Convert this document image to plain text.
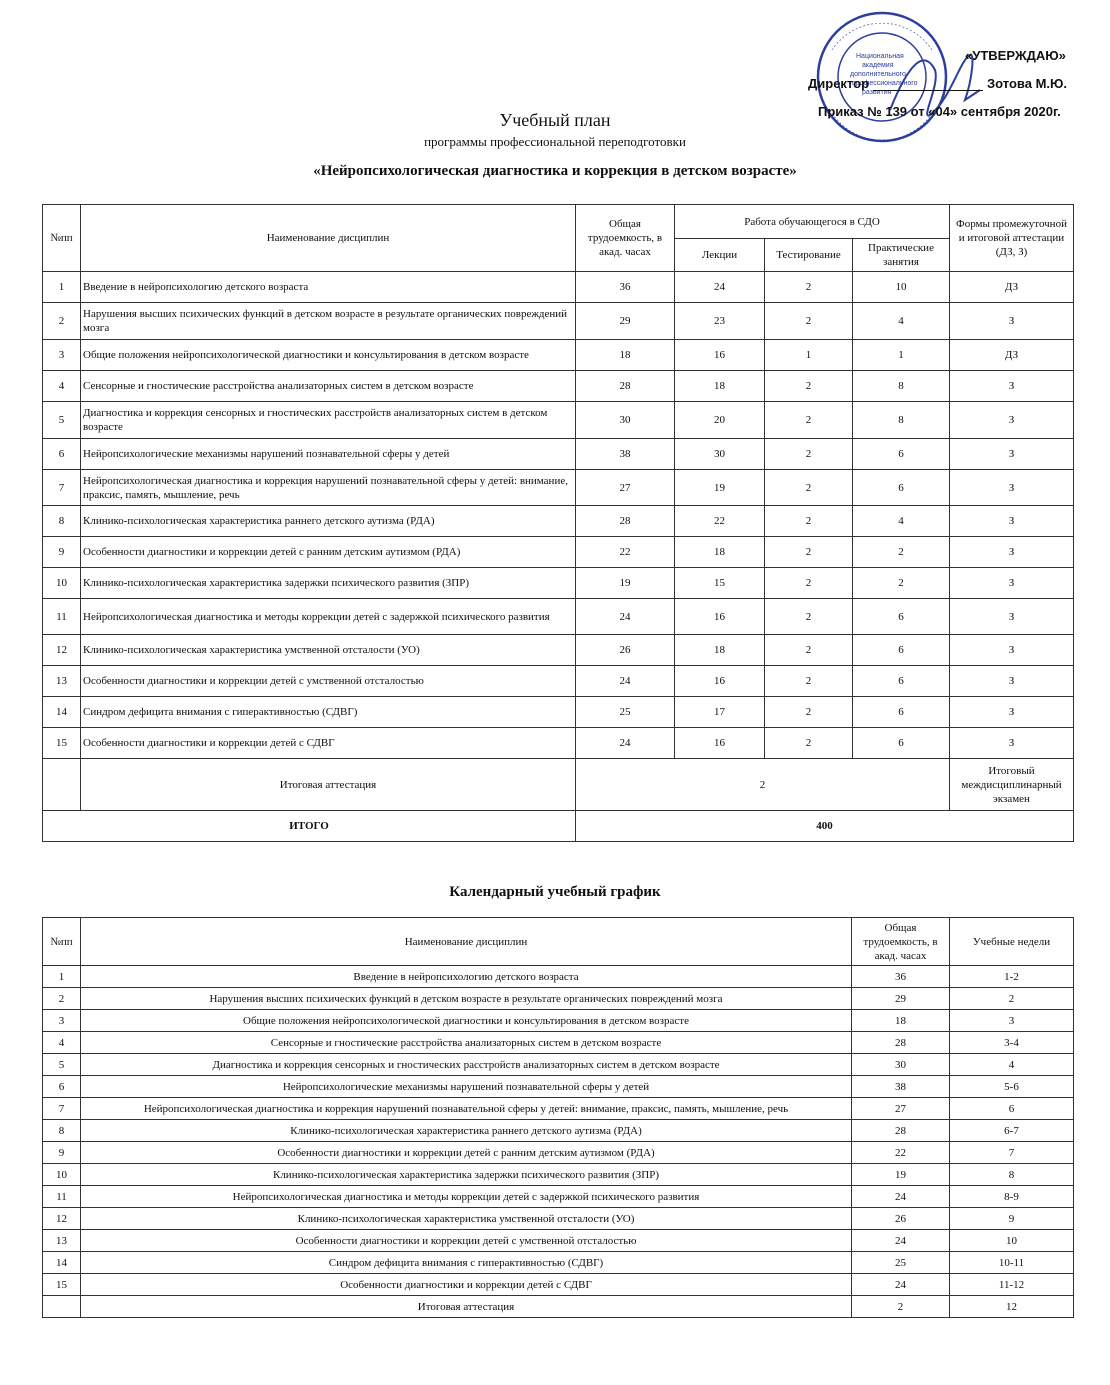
Национальная
академия
дополнительного
профессионального
развития
«УТВЕРЖДАЮ»
Директор	Зотова М.Ю.
Приказ № 139 от «04» сентября 2020г.
Учебный план
программы профессиональной переподготовки
«Нейропсихологическая диагностика и коррекция в детском возрасте»
№пп	Наименование дисциплин	Общая трудоемкость, в акад. часах	Работа обучающегося в СДО			Формы промежуточной и итоговой аттестации (ДЗ, З)
			Лекции	Тестирование	Практические занятия	
1	Введение в нейропсихологию детского возраста	36	24	2	10	ДЗ
2	Нарушения высших психических функций в детском возрасте в результате органических повреждений мозга	29	23	2	4	З
3	Общие положения нейропсихологической диагностики и консультирования в детском возрасте	18	16	1	1	ДЗ
4	Сенсорные и гностические расстройства анализаторных систем в детском возрасте	28	18	2	8	З
5	Диагностика и коррекция сенсорных и гностических расстройств анализаторных систем в детском возрасте	30	20	2	8	З
6	Нейропсихологические механизмы нарушений познавательной сферы у детей	38	30	2	6	З
7	Нейропсихологическая диагностика и коррекция нарушений познавательной сферы у детей: внимание, праксис, память, мышление, речь	27	19	2	6	З
8	Клинико-психологическая характеристика раннего детского аутизма (РДА)	28	22	2	4	З
9	Особенности диагностики и коррекции детей с ранним детским аутизмом (РДА)	22	18	2	2	З
10	Клинико-психологическая характеристика задержки психического развития (ЗПР)	19	15	2	2	З
11	Нейропсихологическая диагностика и методы коррекции детей с задержкой психического развития	24	16	2	6	З
12	Клинико-психологическая характеристика умственной отсталости (УО)	26	18	2	6	З
13	Особенности диагностики и коррекции детей с умственной отсталостью	24	16	2	6	З
14	Синдром дефицита внимания с гиперактивностью (СДВГ)	25	17	2	6	З
15	Особенности диагностики и коррекции детей с СДВГ	24	16	2	6	З
	Итоговая аттестация	2				Итоговый междисциплинарный экзамен
ИТОГО		400				
Календарный учебный график
№пп	Наименование дисциплин	Общая трудоемкость, в акад. часах	Учебные недели
1	Введение в нейропсихологию детского возраста	36	1-2
2	Нарушения высших психических функций в детском возрасте в результате органических повреждений мозга	29	2
3	Общие положения нейропсихологической диагностики и консультирования в детском возрасте	18	3
4	Сенсорные и гностические расстройства анализаторных систем в детском возрасте	28	3-4
5	Диагностика и коррекция сенсорных и гностических расстройств анализаторных систем в детском возрасте	30	4
6	Нейропсихологические механизмы нарушений познавательной сферы у детей	38	5-6
7	Нейропсихологическая диагностика и коррекция нарушений познавательной сферы у детей: внимание, праксис, память, мышление, речь	27	6
8	Клинико-психологическая характеристика раннего детского аутизма (РДА)	28	6-7
9	Особенности диагностики и коррекции детей с ранним детским аутизмом (РДА)	22	7
10	Клинико-психологическая характеристика задержки психического развития (ЗПР)	19	8
11	Нейропсихологическая диагностика и методы коррекции детей с задержкой психического развития	24	8-9
12	Клинико-психологическая характеристика умственной отсталости (УО)	26	9
13	Особенности диагностики и коррекции детей с умственной отсталостью	24	10
14	Синдром дефицита внимания с гиперактивностью (СДВГ)	25	10-11
15	Особенности диагностики и коррекции детей с СДВГ	24	11-12
	Итоговая аттестация	2	12
